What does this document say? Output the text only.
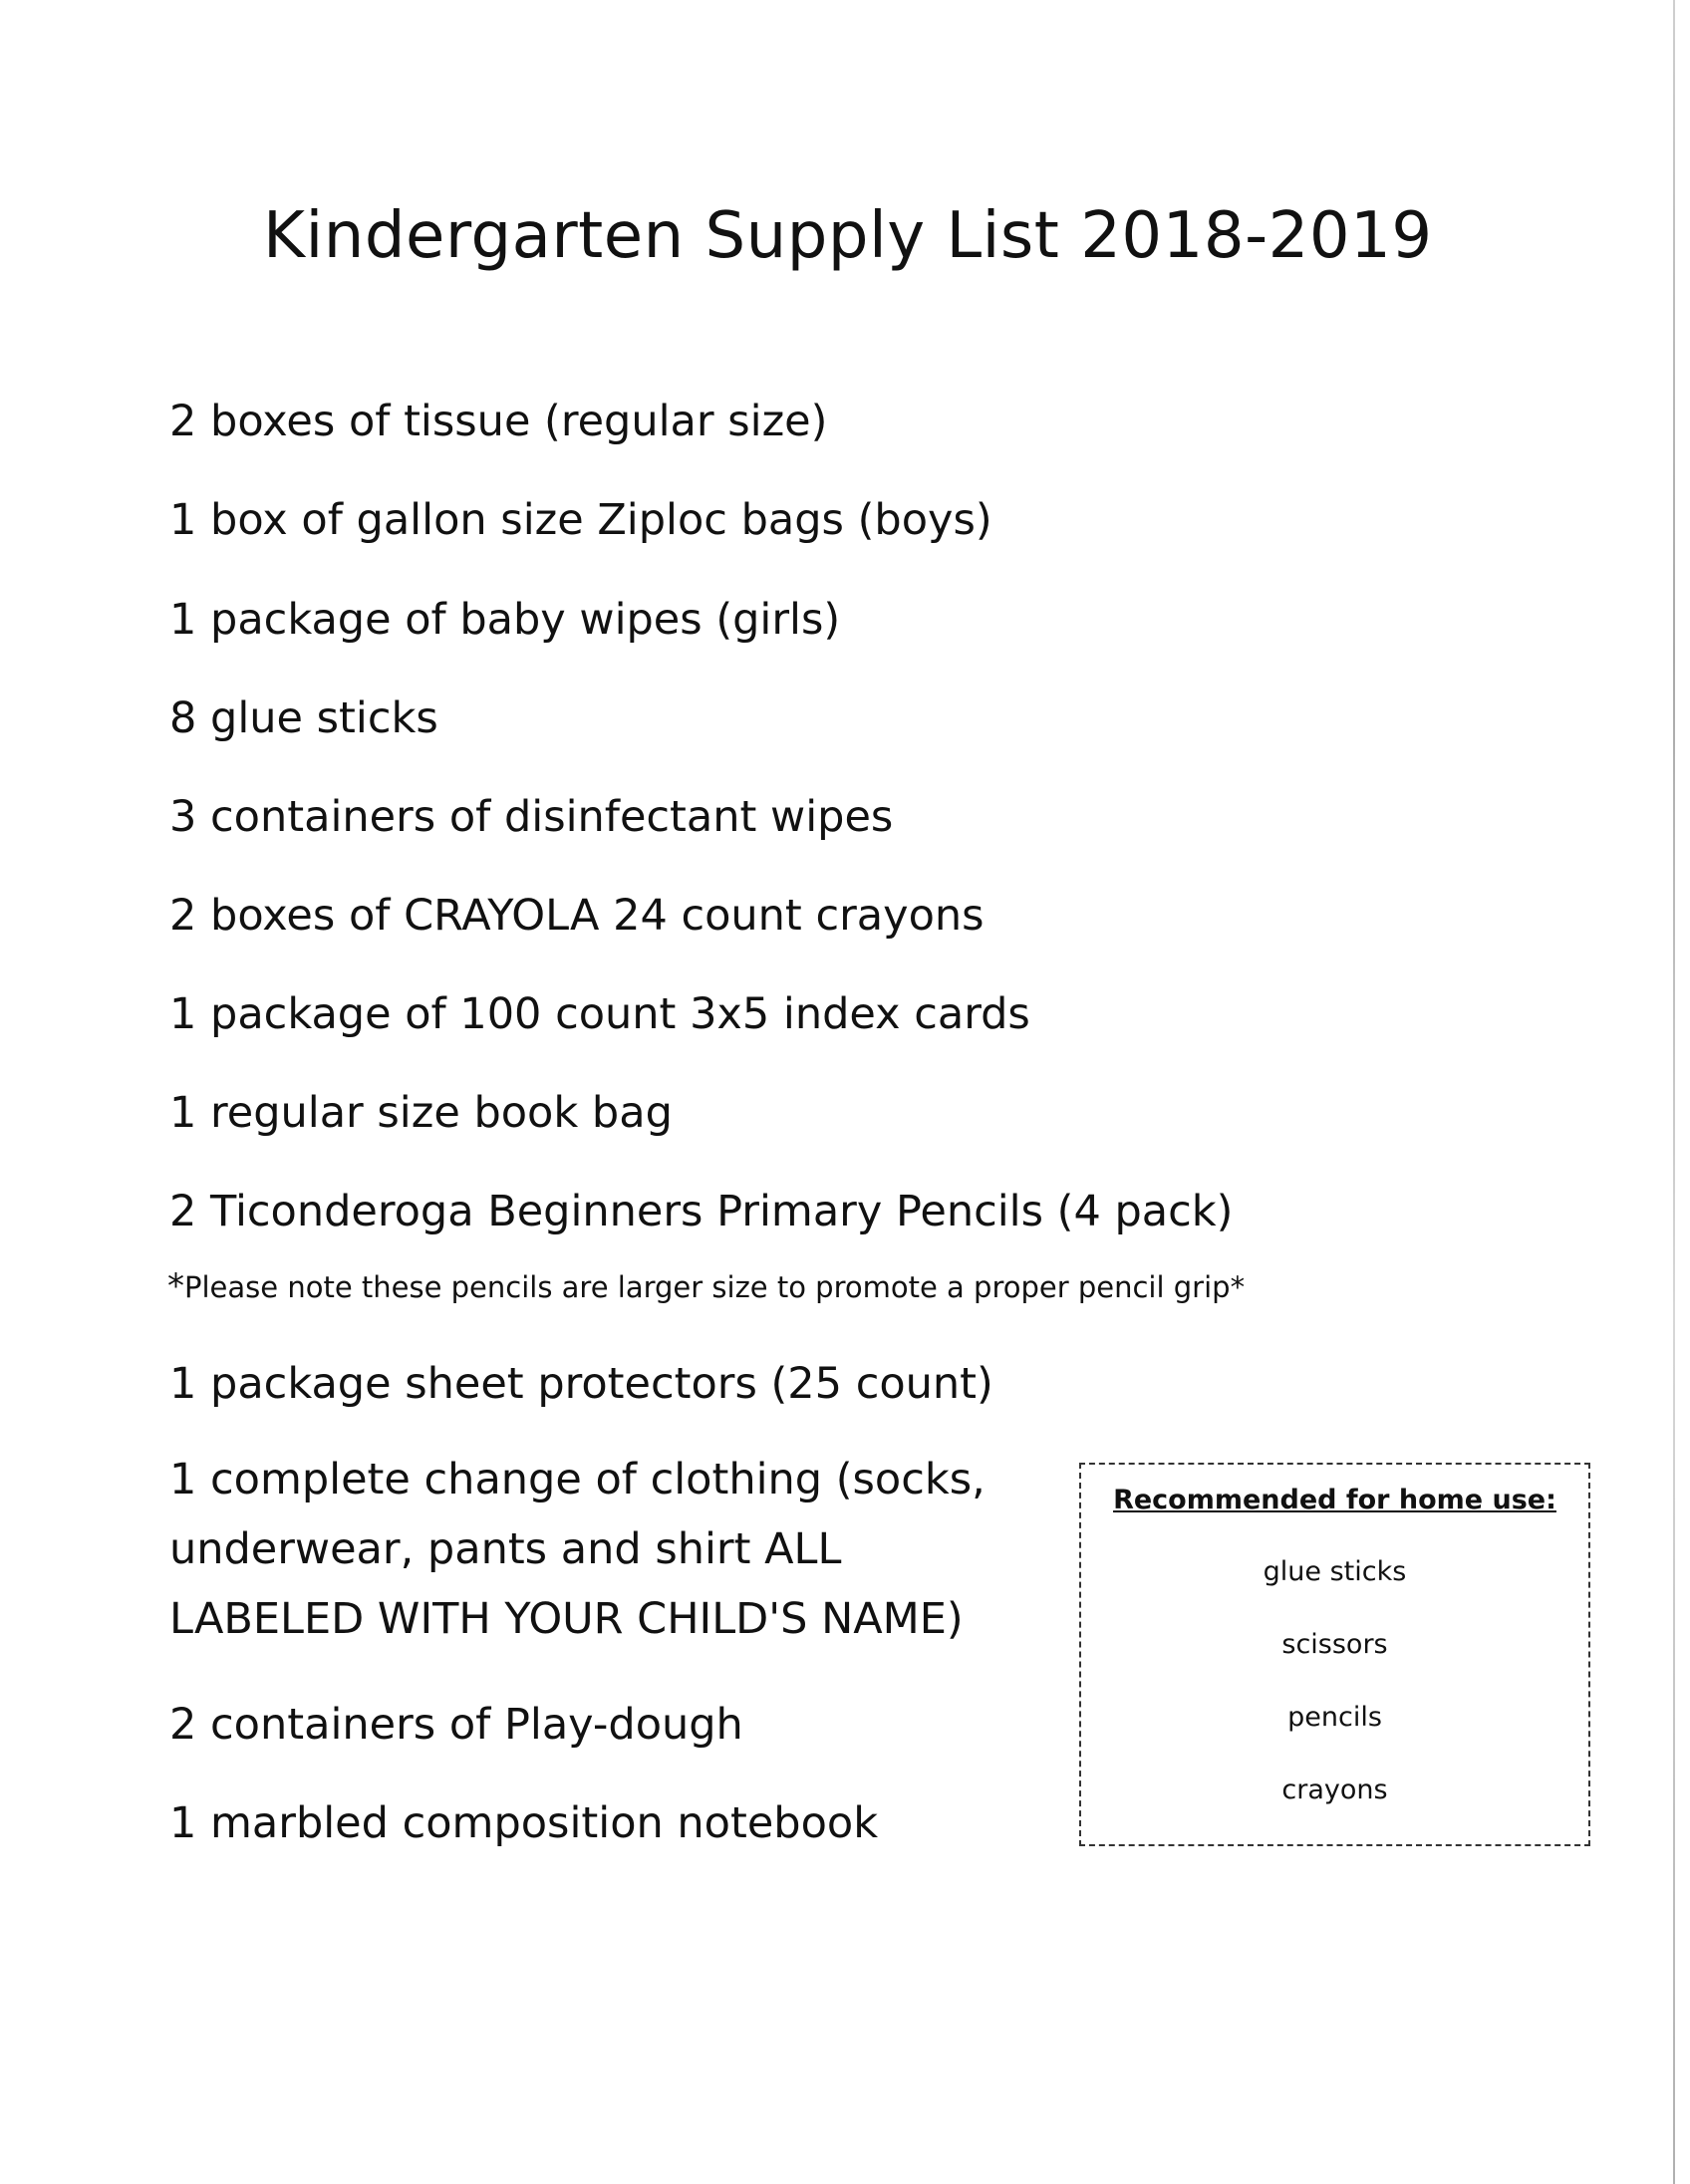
Kindergarten Supply List 2018-2019
2 boxes of tissue (regular size)
1 box of gallon size Ziploc bags (boys)
1 package of baby wipes (girls)
8 glue sticks
3 containers of disinfectant wipes
2 boxes of CRAYOLA 24 count crayons
1 package of 100 count 3x5 index cards
1 regular size book bag
2 Ticonderoga Beginners Primary Pencils (4 pack)
*Please note these pencils are larger size to promote a proper pencil grip*
1 package sheet protectors (25 count)
1 complete change of clothing (socks, underwear, pants and shirt ALL LABELED WITH YOUR CHILD'S NAME)
2 containers of Play-dough
1 marbled composition notebook
Recommended for home use:
glue sticks
scissors
pencils
crayons
